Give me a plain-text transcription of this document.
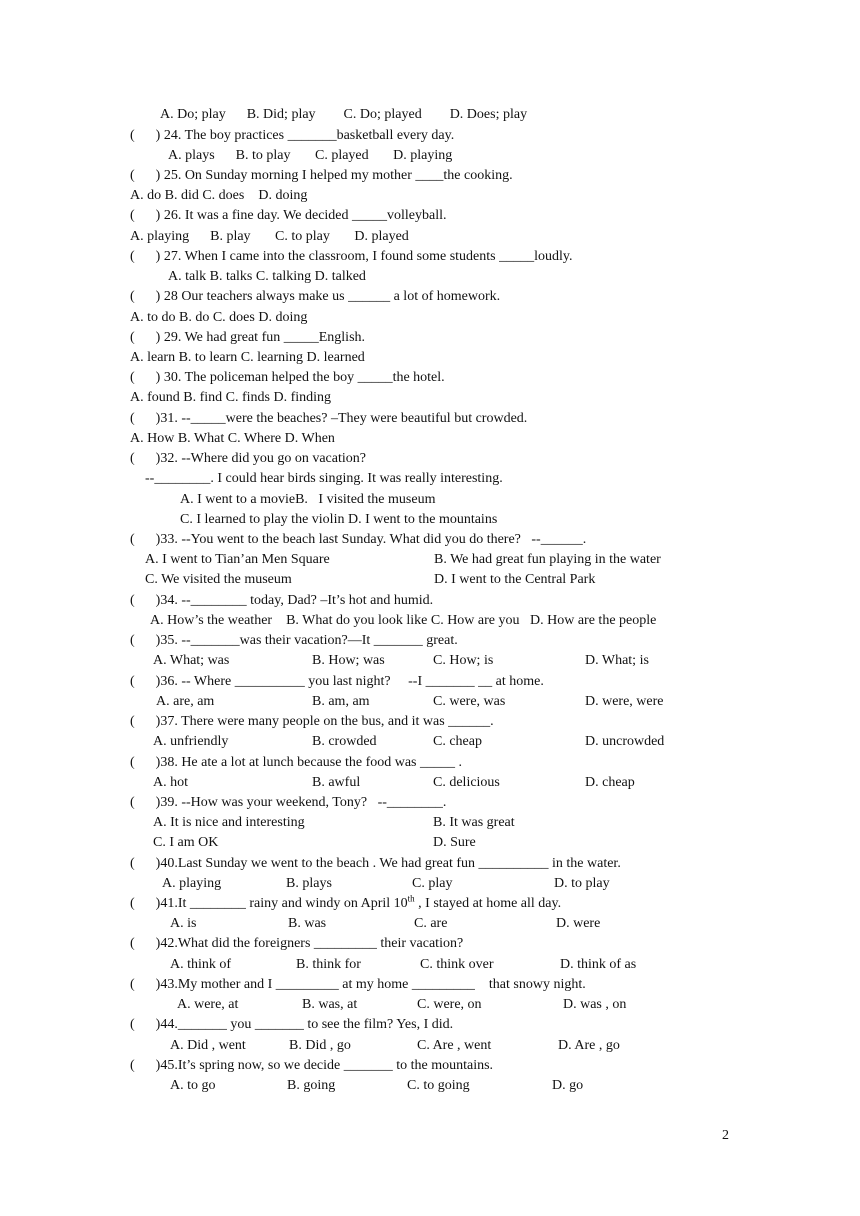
A. Do; play      B. Did; play        C. Do; played        D. Does; play
(      ) 24. The boy practices _______basketball every day.
A. plays      B. to play       C. played       D. playing
(      ) 25. On Sunday morning I helped my mother ____the cooking.
A. do B. did C. does    D. doing
(      ) 26. It was a fine day. We decided _____volleyball.
A. playing      B. play       C. to play       D. played
(      ) 27. When I came into the classroom, I found some students _____loudly.
A. talk B. talks C. talking D. talked
(      ) 28 Our teachers always make us ______ a lot of homework.
A. to do B. do C. does D. doing
(      ) 29. We had great fun _____English.
A. learn B. to learn C. learning D. learned
(      ) 30. The policeman helped the boy _____the hotel.
A. found B. find C. finds D. finding
(      )31. --_____were the beaches? –They were beautiful but crowded.
A. How B. What C. Where D. When
(      )32. --Where did you go on vacation?
--________. I could hear birds singing. It was really interesting.
A. I went to a movieB.   I visited the museum
C. I learned to play the violin D. I went to the mountains
(      )33. --You went to the beach last Sunday. What did you do there?   --______.
A. I went to Tian’an Men Square	B. We had great fun playing in the water
C. We visited the museum	D. I went to the Central Park
(      )34. --________ today, Dad? –It’s hot and humid.
A. How’s the weather    B. What do you look like C. How are you   D. How are the people
(      )35. --_______was their vacation?—It _______ great.
A. What; was	B. How; was	C. How; is	D. What; is
(      )36. -- Where __________ you last night?     --I _______ __ at home.
A. are, am	B. am, am	C. were, was	D. were, were
(      )37. There were many people on the bus, and it was ______.
A. unfriendly	B. crowded	C. cheap	D. uncrowded
(      )38. He ate a lot at lunch because the food was _____ .
A. hot	B. awful	C. delicious	D. cheap
(      )39. --How was your weekend, Tony?   --________.
A. It is nice and interesting	B. It was great
C. I am OK	D. Sure
(      )40.Last Sunday we went to the beach . We had great fun __________ in the water.
A. playing	B. plays	C. play	D. to play
(      )41.It ________ rainy and windy on April 10th , I stayed at home all day.
A. is	B. was	C. are	D. were
(      )42.What did the foreigners _________ their vacation?
A. think of	B. think for	C. think over	D. think of as
(      )43.My mother and I _________ at my home _________    that snowy night.
A. were, at	B. was, at	C. were, on	D. was , on
(      )44._______ you _______ to see the film? Yes, I did.
A. Did , went	B. Did , go	C. Are , went	D. Are , go
(      )45.It’s spring now, so we decide _______ to the mountains.
A. to go	B. going	C. to going	D. go
2
